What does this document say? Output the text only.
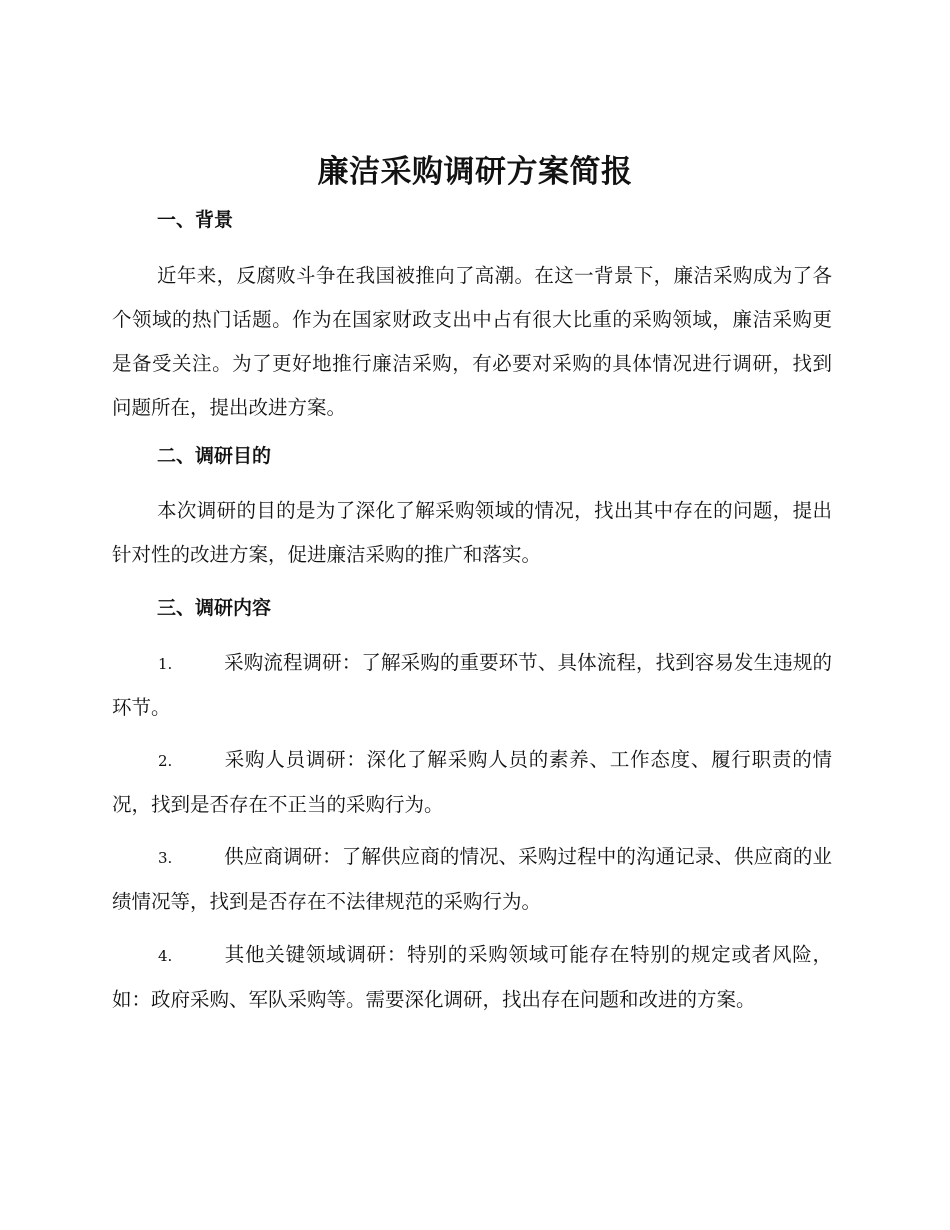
廉洁采购调研方案简报
一、背景
近年来，反腐败斗争在我国被推向了高潮。在这一背景下，廉洁采购成为了各个领域的热门话题。作为在国家财政支出中占有很大比重的采购领域，廉洁采购更是备受关注。为了更好地推行廉洁采购，有必要对采购的具体情况进行调研，找到问题所在，提出改进方案。
二、调研目的
本次调研的目的是为了深化了解采购领域的情况，找出其中存在的问题，提出针对性的改进方案，促进廉洁采购的推广和落实。
三、调研内容
1.	采购流程调研：了解采购的重要环节、具体流程，找到容易发生违规的环节。
2.	采购人员调研：深化了解采购人员的素养、工作态度、履行职责的情况，找到是否存在不正当的采购行为。
3.	供应商调研：了解供应商的情况、采购过程中的沟通记录、供应商的业绩情况等，找到是否存在不法律规范的采购行为。
4.	其他关键领域调研：特别的采购领域可能存在特别的规定或者风险，如：政府采购、军队采购等。需要深化调研，找出存在问题和改进的方案。
